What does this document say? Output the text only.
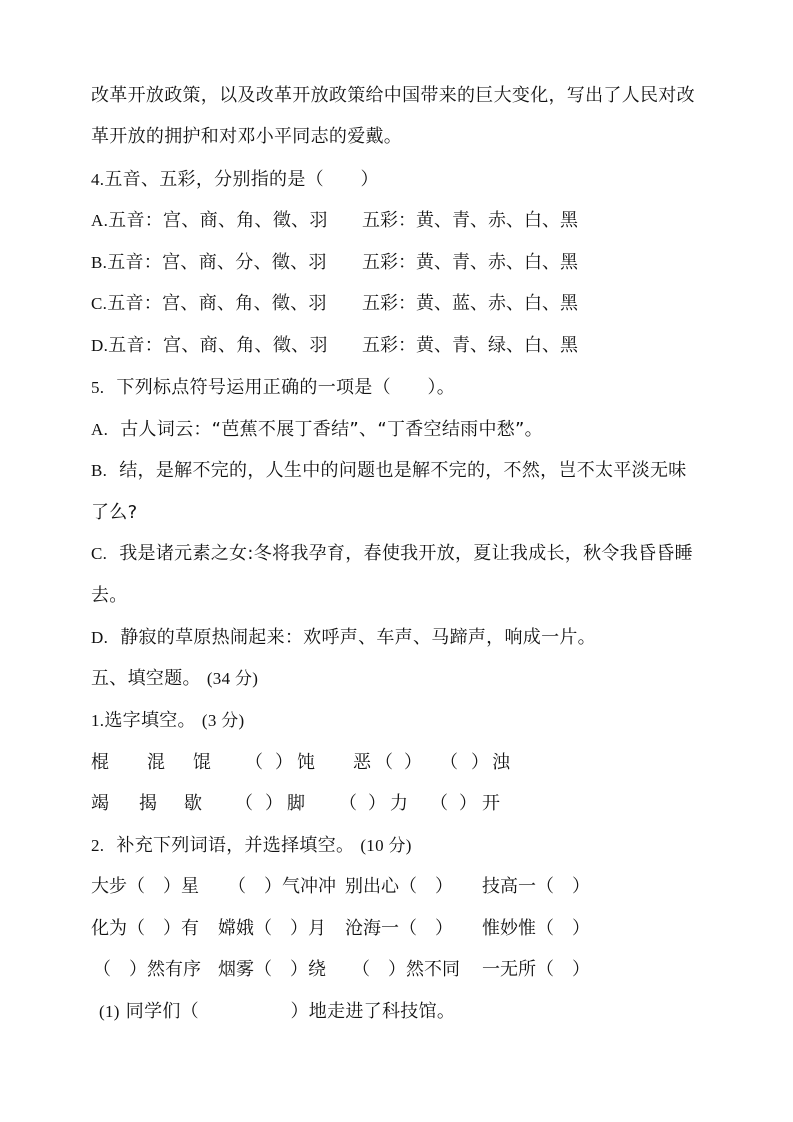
改革开放政策，以及改革开放政策给中国带来的巨大变化，写出了人民对改
革开放的拥护和对邓小平同志的爱戴。
4.五音、五彩，分别指的是（　　）
A.五音：宫、商、角、徵、羽 五彩：黄、青、赤、白、黑
B.五音：宫、商、分、徵、羽 五彩：黄、青、赤、白、黑
C.五音：宫、商、角、徵、羽 五彩：黄、蓝、赤、白、黑
D.五音：宫、商、角、徵、羽 五彩：黄、青、绿、白、黑
5. 下列标点符号运用正确的一项是（　　）。
A. 古人词云：“芭蕉不展丁香结”、“丁香空结雨中愁”。
B. 结，是解不完的，人生中的问题也是解不完的，不然，岂不太平淡无味
了么?
C. 我是诸元素之女:冬将我孕育，春使我开放，夏让我成长，秋令我昏昏睡
去。
D. 静寂的草原热闹起来：欢呼声、车声、马蹄声，响成一片。
五、填空题。 (34 分)
1.选字填空。 (3 分)
棍 混 馄 （ ） 饨 恶 （ ） （ ） 浊
竭 揭 歇 （ ） 脚 （ ） 力 （ ） 开
2. 补充下列词语，并选择填空。 (10 分)
大步（　）星 （　）气冲冲 别出心（　） 技高一（　）
化为（　）有 嫦娥（　）月 沧海一（　） 惟妙惟（　）
（　）然有序 烟雾（　）绕 （　）然不同 一无所（　）
(1) 同学们（　　　　　	）地走进了科技馆。
